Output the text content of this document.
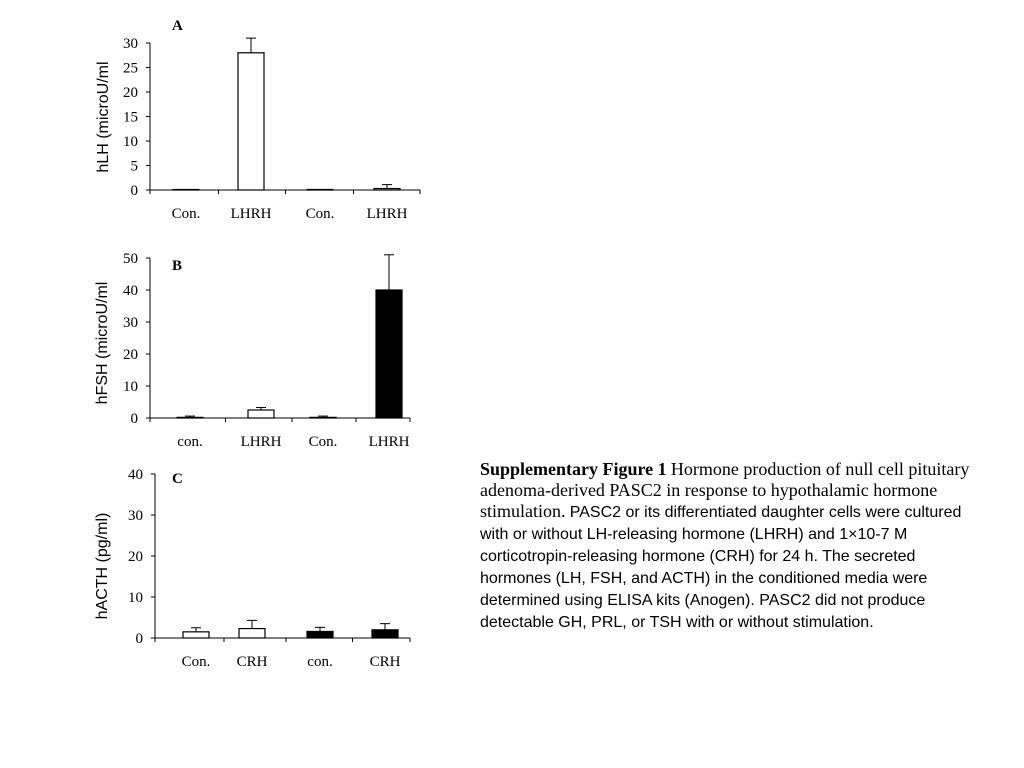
0
5
10
15
20
25
30
Con. LHRH Con. LHRH
A
hLH (microU/ml
0
10
20
30
40
50
con.	LHRH Con. LHRH
B
hFSH (microU/ml
0
10
20
30
40
Con. CRH	con. CRH
C
hACTH (pg/ml)
Supplementary Figure 1 Hormone production of null cell pituitary adenoma-derived PASC2 in response to hypothalamic hormone stimulation. PASC2 or its differentiated daughter cells were cultured with or without LH-releasing hormone (LHRH) and 1×10-7 M corticotropin-releasing hormone (CRH) for 24 h. The secreted hormones (LH, FSH, and ACTH) in the conditioned media were determined using ELISA kits (Anogen). PASC2 did not produce detectable GH, PRL, or TSH with or without stimulation.
